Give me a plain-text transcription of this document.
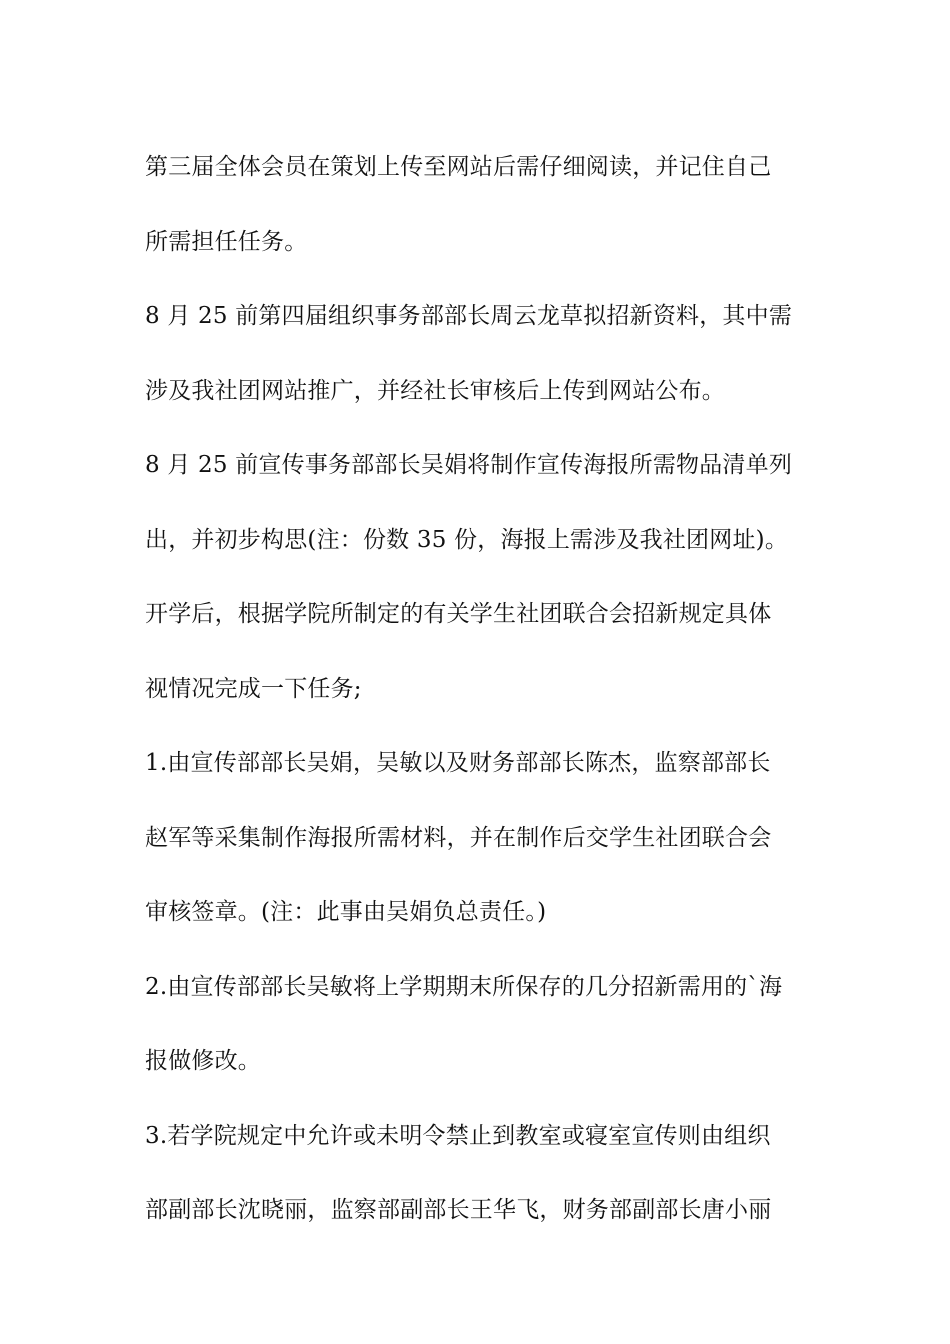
第三届全体会员在策划上传至网站后需仔细阅读，并记住自己
所需担任任务。
8 月 25 前第四届组织事务部部长周云龙草拟招新资料，其中需
涉及我社团网站推广，并经社长审核后上传到网站公布。
8 月 25 前宣传事务部部长吴娟将制作宣传海报所需物品清单列
出，并初步构思(注：份数 35 份，海报上需涉及我社团网址)。
开学后，根据学院所制定的有关学生社团联合会招新规定具体
视情况完成一下任务;
1.由宣传部部长吴娟，吴敏以及财务部部长陈杰，监察部部长
赵军等采集制作海报所需材料，并在制作后交学生社团联合会
审核签章。(注：此事由吴娟负总责任。)
2.由宣传部部长吴敏将上学期期末所保存的几分招新需用的`海
报做修改。
3.若学院规定中允许或未明令禁止到教室或寝室宣传则由组织
部副部长沈晓丽，监察部副部长王华飞，财务部副部长唐小丽
